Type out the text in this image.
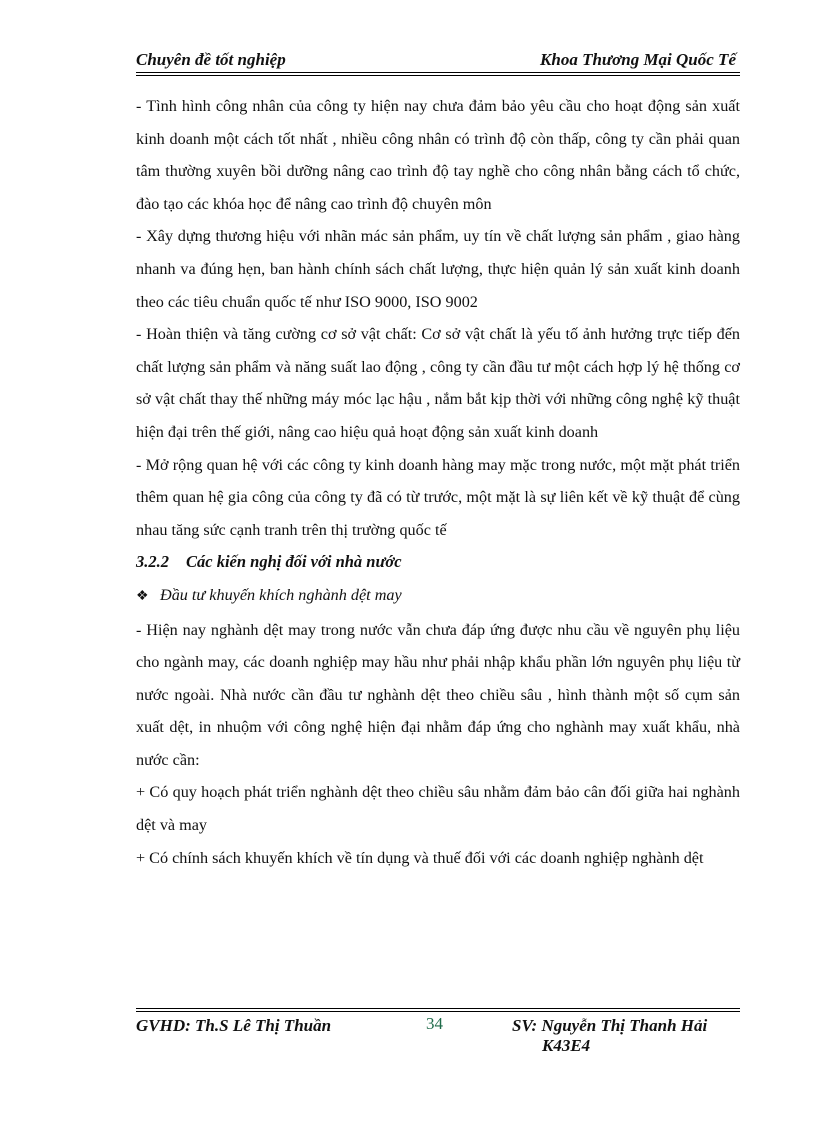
Chuyên đề tốt nghiệp	Khoa Thương Mại Quốc Tế

- Tình hình công nhân của công ty hiện nay chưa đảm bảo yêu cầu cho hoạt động sản xuất kinh doanh một cách tốt nhất , nhiều công nhân có trình độ còn thấp, công ty cần phải quan tâm thường xuyên bồi dưỡng nâng cao trình độ tay nghề cho công nhân bằng cách tổ chức, đào tạo các khóa học để nâng cao trình độ chuyên môn

- Xây dựng thương hiệu với nhãn mác sản phẩm, uy tín về chất lượng sản phẩm , giao hàng nhanh va đúng hẹn, ban hành chính sách chất lượng, thực hiện quản lý sản xuất kinh doanh theo các tiêu chuẩn quốc tế như ISO 9000, ISO 9002

- Hoàn thiện và tăng cường cơ sở vật chất: Cơ sở vật chất là yếu tố ảnh hưởng trực tiếp đến chất lượng sản phẩm và năng suất lao động , công ty cần đầu tư một cách hợp lý hệ thống cơ sở vật chất thay thế những máy móc lạc hậu , nắm bắt kịp thời với những công nghệ kỹ thuật hiện đại trên thế giới, nâng cao hiệu quả hoạt động sản xuất kinh doanh

- Mở rộng quan hệ với các công ty kinh doanh hàng may mặc trong nước, một mặt phát triển thêm quan hệ gia công của công ty đã có từ trước, một mặt là sự liên kết về kỹ thuật để cùng nhau tăng sức cạnh tranh trên thị trường quốc tế

3.2.2 Các kiến nghị đối với nhà nước

❖ Đầu tư khuyến khích nghành dệt may

- Hiện nay nghành dệt may trong nước vẫn chưa đáp ứng được nhu cầu về nguyên phụ liệu cho ngành may, các doanh nghiệp may hầu như phải nhập khẩu phần lớn nguyên phụ liệu từ nước ngoài. Nhà nước cần đầu tư nghành dệt theo chiều sâu , hình thành một số cụm sản xuất dệt, in nhuộm với công nghệ hiện đại nhằm đáp ứng cho nghành may xuất khẩu, nhà nước cần:

+ Có quy hoạch phát triển nghành dệt theo chiều sâu nhằm đảm bảo cân đối giữa hai nghành dệt và may

+ Có chính sách khuyến khích về tín dụng và thuế đối với các doanh nghiệp nghành dệt

GVHD: Th.S Lê Thị Thuần	34	SV: Nguyễn Thị Thanh Hải
K43E4
